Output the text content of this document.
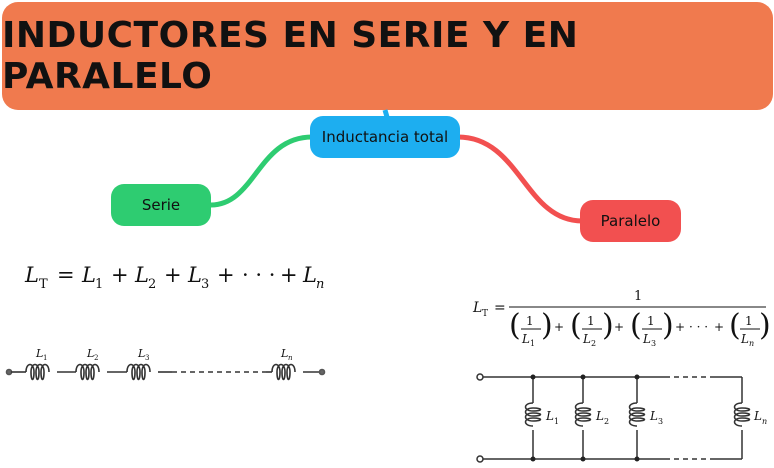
INDUCTORES EN SERIE Y EN PARALELO
L T = L 1 + L 2 + L 3 + · · · + L n
L 1	L 2	L 3	L n
L T =
1
( 1
L 1
) + ( 1
L 2
) + ( 1
L 3
) + · · · + ( 1
L n
)
L 1	L 2	L 3	L n
Inductancia total
Serie
Paralelo
